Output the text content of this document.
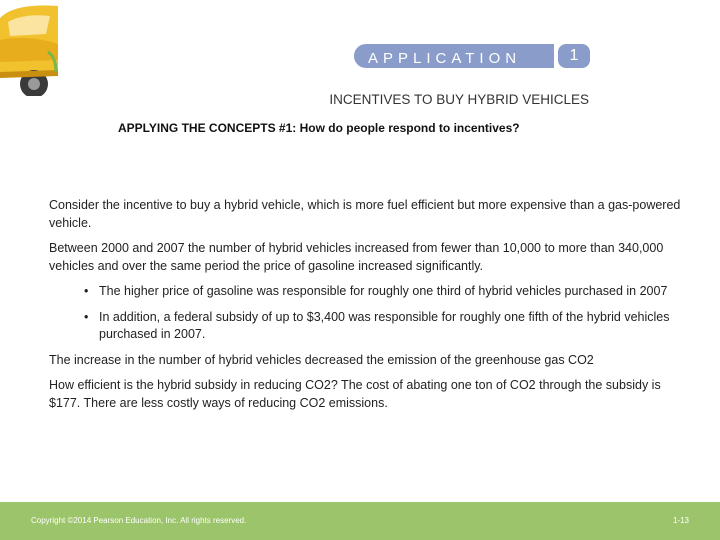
APPLICATION	1
INCENTIVES TO BUY HYBRID VEHICLES
APPLYING THE CONCEPTS #1: How do people respond to incentives?

Consider the incentive to buy a hybrid vehicle, which is more fuel efficient but more expensive than a gas-powered vehicle.

Between 2000 and 2007 the number of hybrid vehicles increased from fewer than 10,000 to more than 340,000 vehicles and over the same period the price of gasoline increased significantly.

• The higher price of gasoline was responsible for roughly one third of hybrid vehicles purchased in 2007
• In addition, a federal subsidy of up to $3,400 was responsible for roughly one fifth of the hybrid vehicles purchased in 2007.

The increase in the number of hybrid vehicles decreased the emission of the greenhouse gas CO2

How efficient is the hybrid subsidy in reducing CO2? The cost of abating one ton of CO2 through the subsidy is $177. There are less costly ways of reducing CO2 emissions.

Copyright ©2014 Pearson Education, Inc. All rights reserved.	1-13
